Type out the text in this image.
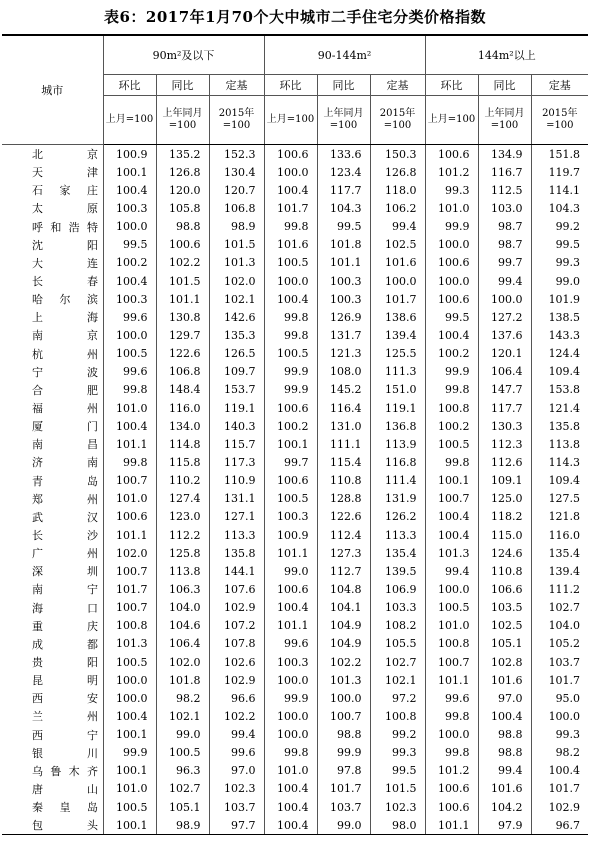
表6：2017年1月70个大中城市二手住宅分类价格指数
城市	90m²及以下			90-144m²			144m²以上		
	环比	同比	定基	环比	同比	定基	环比	同比	定基
	上月=100	上年同月=100	2015年=100	上月=100	上年同月=100	2015年=100	上月=100	上年同月=100	2015年=100

北京	100.9	135.2	152.3	100.6	133.6	150.3	100.6	134.9	151.8

天津	100.1	126.8	130.4	100.0	123.4	126.8	101.2	116.7	119.7

石家庄	100.4	120.0	120.7	100.4	117.7	118.0	99.3	112.5	114.1

太原	100.3	105.8	106.8	101.7	104.3	106.2	101.0	103.0	104.3

呼和浩特	100.0	98.8	98.9	99.8	99.5	99.4	99.9	98.7	99.2

沈阳	99.5	100.6	101.5	101.6	101.8	102.5	100.0	98.7	99.5

大连	100.2	102.2	101.3	100.5	101.1	101.6	100.6	99.7	99.3

长春	100.4	101.5	102.0	100.0	100.3	100.0	100.0	99.4	99.0

哈尔滨	100.3	101.1	102.1	100.4	100.3	101.7	100.6	100.0	101.9

上海	99.6	130.8	142.6	99.8	126.9	138.6	99.5	127.2	138.5

南京	100.0	129.7	135.3	99.8	131.7	139.4	100.4	137.6	143.3

杭州	100.5	122.6	126.5	100.5	121.3	125.5	100.2	120.1	124.4

宁波	99.6	106.8	109.7	99.9	108.0	111.3	99.9	106.4	109.4

合肥	99.8	148.4	153.7	99.9	145.2	151.0	99.8	147.7	153.8

福州	101.0	116.0	119.1	100.6	116.4	119.1	100.8	117.7	121.4

厦门	100.4	134.0	140.3	100.2	131.0	136.8	100.2	130.3	135.8

南昌	101.1	114.8	115.7	100.1	111.1	113.9	100.5	112.3	113.8

济南	99.8	115.8	117.3	99.7	115.4	116.8	99.8	112.6	114.3

青岛	100.7	110.2	110.9	100.6	110.8	111.4	100.1	109.1	109.4

郑州	101.0	127.4	131.1	100.5	128.8	131.9	100.7	125.0	127.5

武汉	100.6	123.0	127.1	100.3	122.6	126.2	100.4	118.2	121.8

长沙	101.1	112.2	113.3	100.9	112.4	113.3	100.4	115.0	116.0

广州	102.0	125.8	135.8	101.1	127.3	135.4	101.3	124.6	135.4

深圳	100.7	113.8	144.1	99.0	112.7	139.5	99.4	110.8	139.4

南宁	101.7	106.3	107.6	100.6	104.8	106.9	100.0	106.6	111.2

海口	100.7	104.0	102.9	100.4	104.1	103.3	100.5	103.5	102.7

重庆	100.8	104.6	107.2	101.1	104.9	108.2	101.0	102.5	104.0

成都	101.3	106.4	107.8	99.6	104.9	105.5	100.8	105.1	105.2

贵阳	100.5	102.0	102.6	100.3	102.2	102.7	100.7	102.8	103.7

昆明	100.0	101.8	102.9	100.0	101.3	102.1	101.1	101.6	101.7

西安	100.0	98.2	96.6	99.9	100.0	97.2	99.6	97.0	95.0

兰州	100.4	102.1	102.2	100.0	100.7	100.8	99.8	100.4	100.0

西宁	100.1	99.0	99.4	100.0	98.8	99.2	100.0	98.8	99.3

银川	99.9	100.5	99.6	99.8	99.9	99.3	99.8	98.8	98.2

乌鲁木齐	100.1	96.3	97.0	101.0	97.8	99.5	101.2	99.4	100.4

唐山	101.0	102.7	102.3	100.4	101.7	101.5	100.6	101.6	101.7

秦皇岛	100.5	105.1	103.7	100.4	103.7	102.3	100.6	104.2	102.9

包头	100.1	98.9	97.7	100.4	99.0	98.0	101.1	97.9	96.7
